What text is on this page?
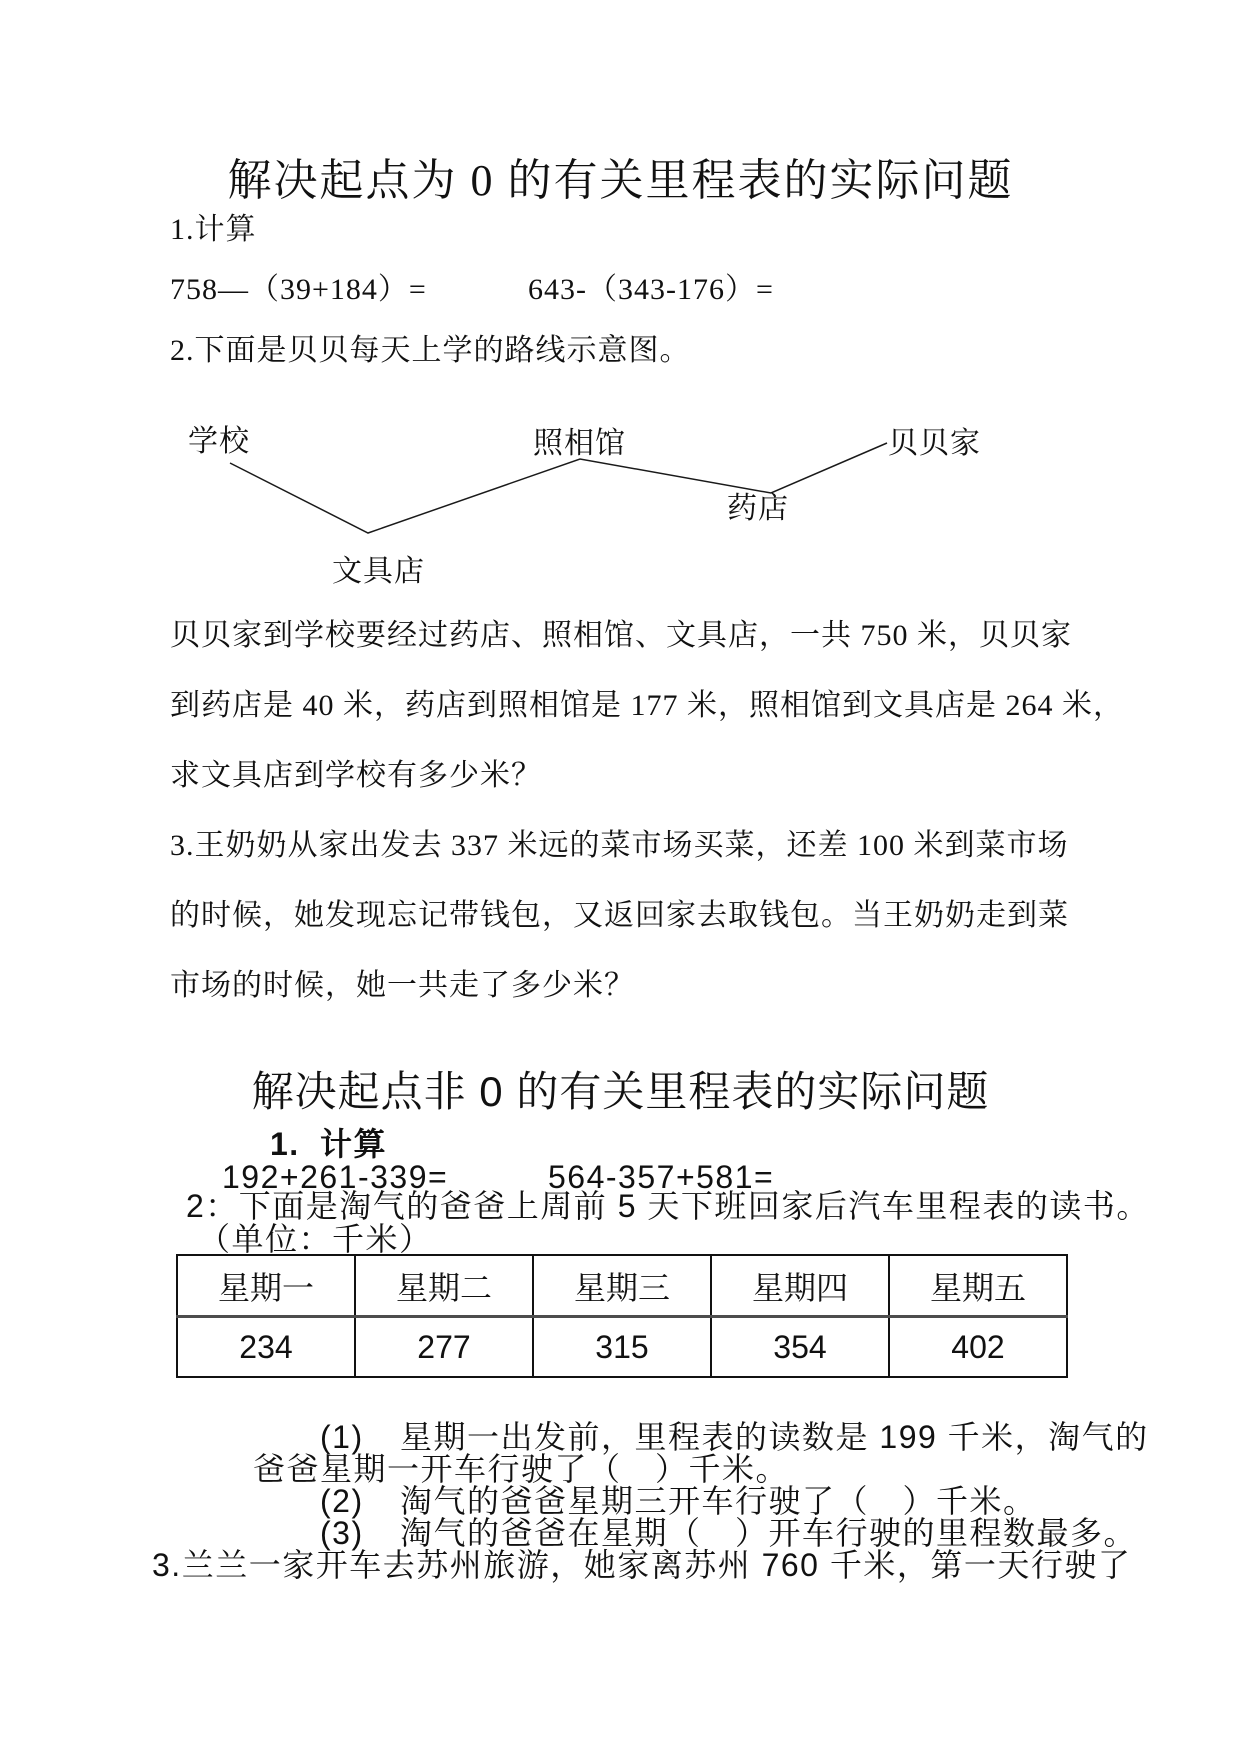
解决起点为 0 的有关里程表的实际问题
1.计算
758—（39+184）=	643-（343-176）=
2.下面是贝贝每天上学的路线示意图。
学校	照相馆	贝贝家
药店
文具店
贝贝家到学校要经过药店、照相馆、文具店，一共 750 米，贝贝家
到药店是 40 米，药店到照相馆是 177 米，照相馆到文具店是 264 米，
求文具店到学校有多少米？
3.王奶奶从家出发去 337 米远的菜市场买菜，还差 100 米到菜市场
的时候，她发现忘记带钱包，又返回家去取钱包。当王奶奶走到菜
市场的时候，她一共走了多少米？
解决起点非 0 的有关里程表的实际问题
1. 计算
192+261-339=	564-357+581=
2：下面是淘气的爸爸上周前 5 天下班回家后汽车里程表的读书。
（单位：千米）
星期一	星期二	星期三	星期四	星期五
234	277	315	354	402
(1) 星期一出发前，里程表的读数是 199 千米，淘气的
爸爸星期一开车行驶了（　）千米。
(2) 淘气的爸爸星期三开车行驶了（　）千米。
(3) 淘气的爸爸在星期（　）开车行驶的里程数最多。
3.兰兰一家开车去苏州旅游，她家离苏州 760 千米，第一天行驶了
